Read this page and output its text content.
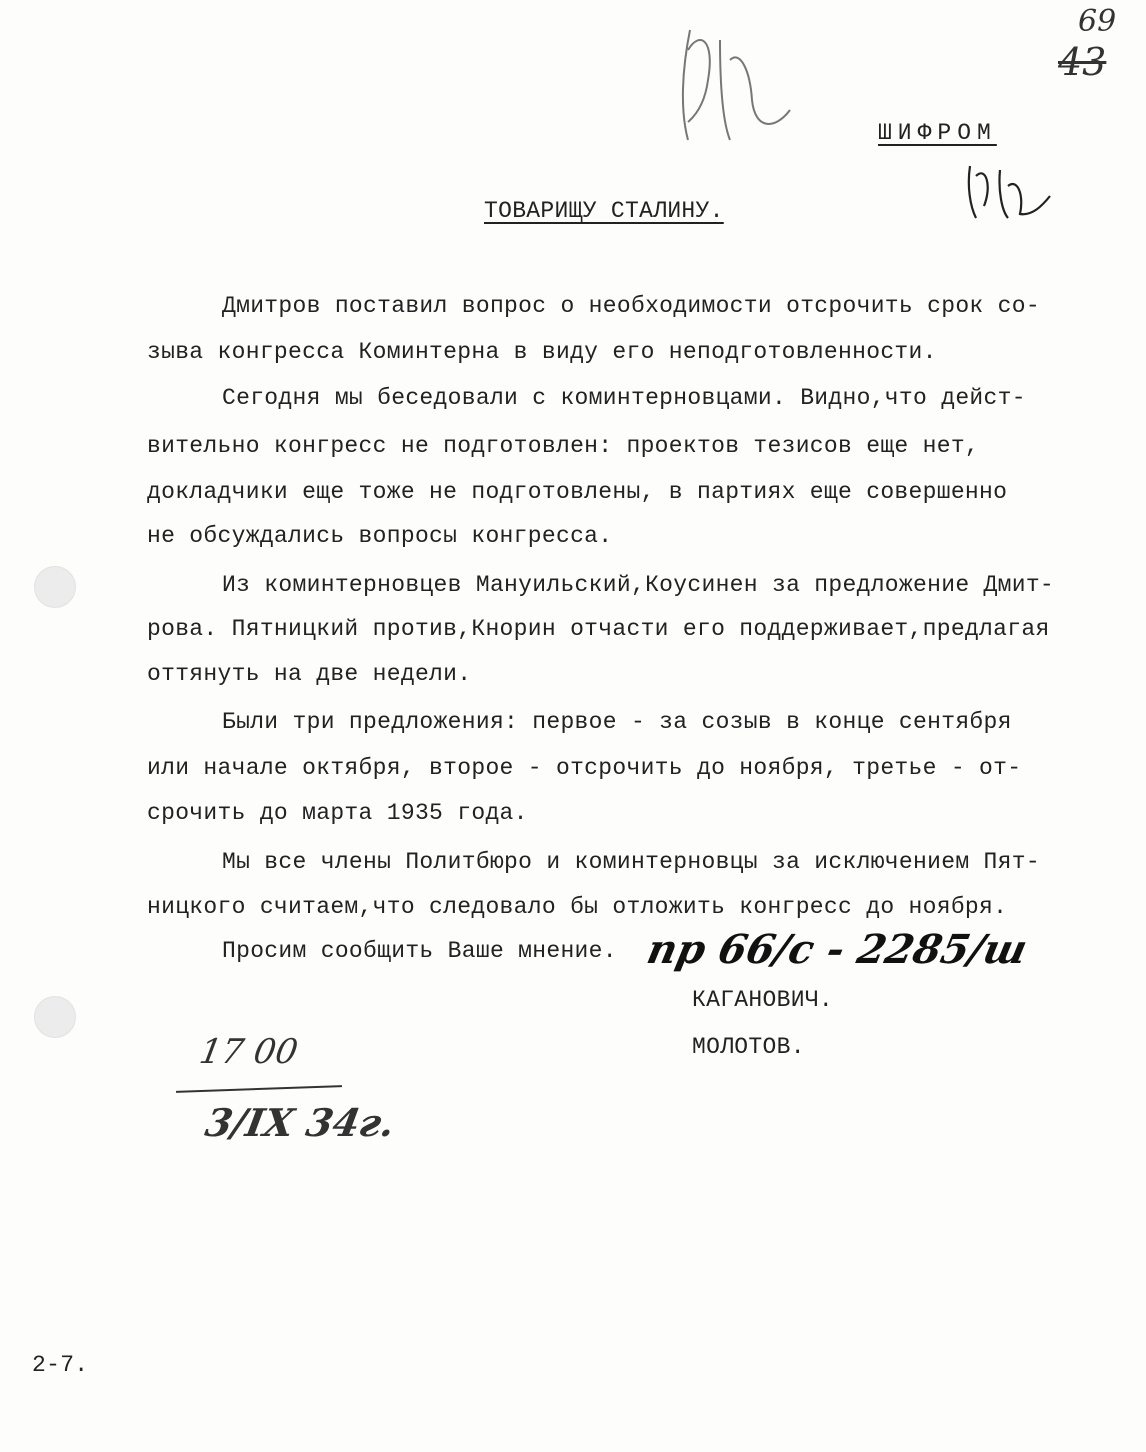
69
43
ШИФРОМ
ТОВАРИЩУ СТАЛИНУ.
Дмитров поставил вопрос о необходимости отсрочить срок со-
зыва конгресса Коминтерна в виду его неподготовленности.
Сегодня мы беседовали с коминтерновцами. Видно,что дейст-
вительно конгресс не подготовлен: проектов тезисов еще нет,
докладчики еще тоже не подготовлены, в партиях еще совершенно
не обсуждались вопросы конгресса.
Из коминтерновцев Мануильский,Коусинен за предложение Дмит-
рова. Пятницкий против,Кнорин отчасти его поддерживает,предлагая
оттянуть на две недели.
Были три предложения: первое - за созыв в конце сентября
или начале октября, второе - отсрочить до ноября, третье - от-
срочить до марта 1935 года.
Мы все члены Политбюро и коминтерновцы за исключением Пят-
ницкого считаем,что следовало бы отложить конгресс до ноября.
Просим сообщить Ваше мнение. пр 66/с - 2285/ш
КАГАНОВИЧ.
МОЛОТОВ.
17 00
3/IX 34г.
2-7.
